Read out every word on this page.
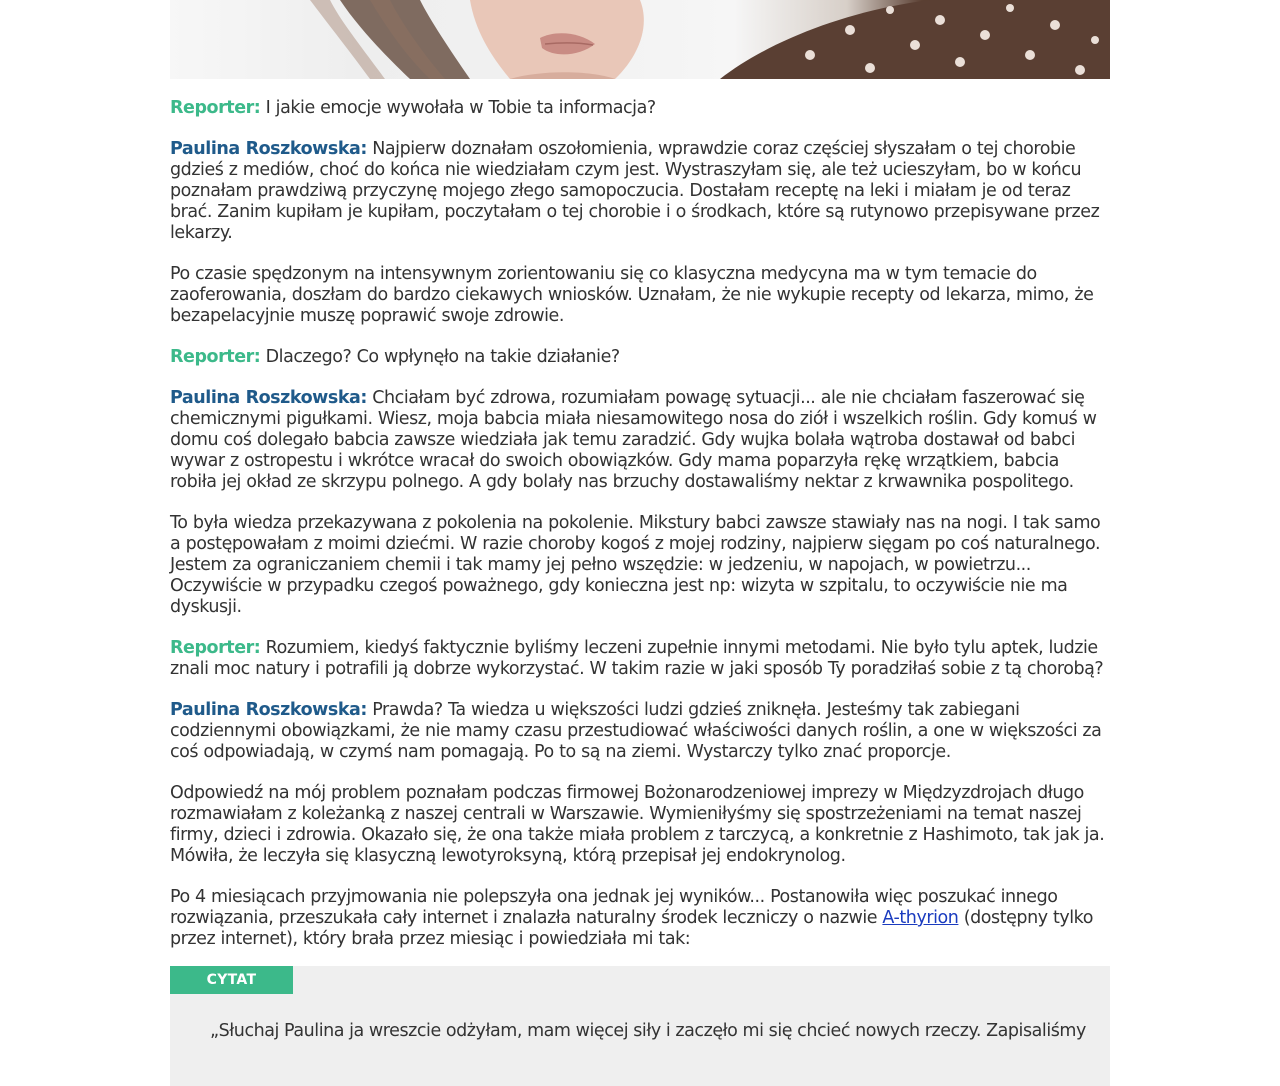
Reporter: I jakie emocje wywołała w Tobie ta informacja?

Paulina Roszkowska: Najpierw doznałam oszołomienia, wprawdzie coraz częściej słyszałam o tej chorobie gdzieś z mediów, choć do końca nie wiedziałam czym jest. Wystraszyłam się, ale też ucieszyłam, bo w końcu poznałam prawdziwą przyczynę mojego złego samopoczucia. Dostałam receptę na leki i miałam je od teraz brać. Zanim kupiłam je kupiłam, poczytałam o tej chorobie i o środkach, które są rutynowo przepisywane przez lekarzy.

Po czasie spędzonym na intensywnym zorientowaniu się co klasyczna medycyna ma w tym temacie do zaoferowania, doszłam do bardzo ciekawych wniosków. Uznałam, że nie wykupie recepty od lekarza, mimo, że bezapelacyjnie muszę poprawić swoje zdrowie.

Reporter: Dlaczego? Co wpłynęło na takie działanie?

Paulina Roszkowska: Chciałam być zdrowa, rozumiałam powagę sytuacji... ale nie chciałam faszerować się chemicznymi pigułkami. Wiesz, moja babcia miała niesamowitego nosa do ziół i wszelkich roślin. Gdy komuś w domu coś dolegało babcia zawsze wiedziała jak temu zaradzić. Gdy wujka bolała wątroba dostawał od babci wywar z ostropestu i wkrótce wracał do swoich obowiązków. Gdy mama poparzyła rękę wrzątkiem, babcia robiła jej okład ze skrzypu polnego. A gdy bolały nas brzuchy dostawaliśmy nektar z krwawnika pospolitego.

To była wiedza przekazywana z pokolenia na pokolenie. Mikstury babci zawsze stawiały nas na nogi. I tak samo a postępowałam z moimi dziećmi. W razie choroby kogoś z mojej rodziny, najpierw sięgam po coś naturalnego. Jestem za ograniczaniem chemii i tak mamy jej pełno wszędzie: w jedzeniu, w napojach, w powietrzu... Oczywiście w przypadku czegoś poważnego, gdy konieczna jest np: wizyta w szpitalu, to oczywiście nie ma dyskusji.

Reporter: Rozumiem, kiedyś faktycznie byliśmy leczeni zupełnie innymi metodami. Nie było tylu aptek, ludzie znali moc natury i potrafili ją dobrze wykorzystać. W takim razie w jaki sposób Ty poradziłaś sobie z tą chorobą?

Paulina Roszkowska: Prawda? Ta wiedza u większości ludzi gdzieś zniknęła. Jesteśmy tak zabiegani codziennymi obowiązkami, że nie mamy czasu przestudiować właściwości danych roślin, a one w większości za coś odpowiadają, w czymś nam pomagają. Po to są na ziemi. Wystarczy tylko znać proporcje.

Odpowiedź na mój problem poznałam podczas firmowej Bożonarodzeniowej imprezy w Międzyzdrojach długo rozmawiałam z koleżanką z naszej centrali w Warszawie. Wymieniłyśmy się spostrzeżeniami na temat naszej firmy, dzieci i zdrowia. Okazało się, że ona także miała problem z tarczycą, a konkretnie z Hashimoto, tak jak ja. Mówiła, że leczyła się klasyczną lewotyroksyną, którą przepisał jej endokrynolog.

Po 4 miesiącach przyjmowania nie polepszyła ona jednak jej wyników... Postanowiła więc poszukać innego rozwiązania, przeszukała cały internet i znalazła naturalny środek leczniczy o nazwie A-thyrion (dostępny tylko przez internet), który brała przez miesiąc i powiedziała mi tak:

CYTAT
„Słuchaj Paulina ja wreszcie odżyłam, mam więcej siły i zaczęło mi się chcieć nowych rzeczy. Zapisaliśmy
